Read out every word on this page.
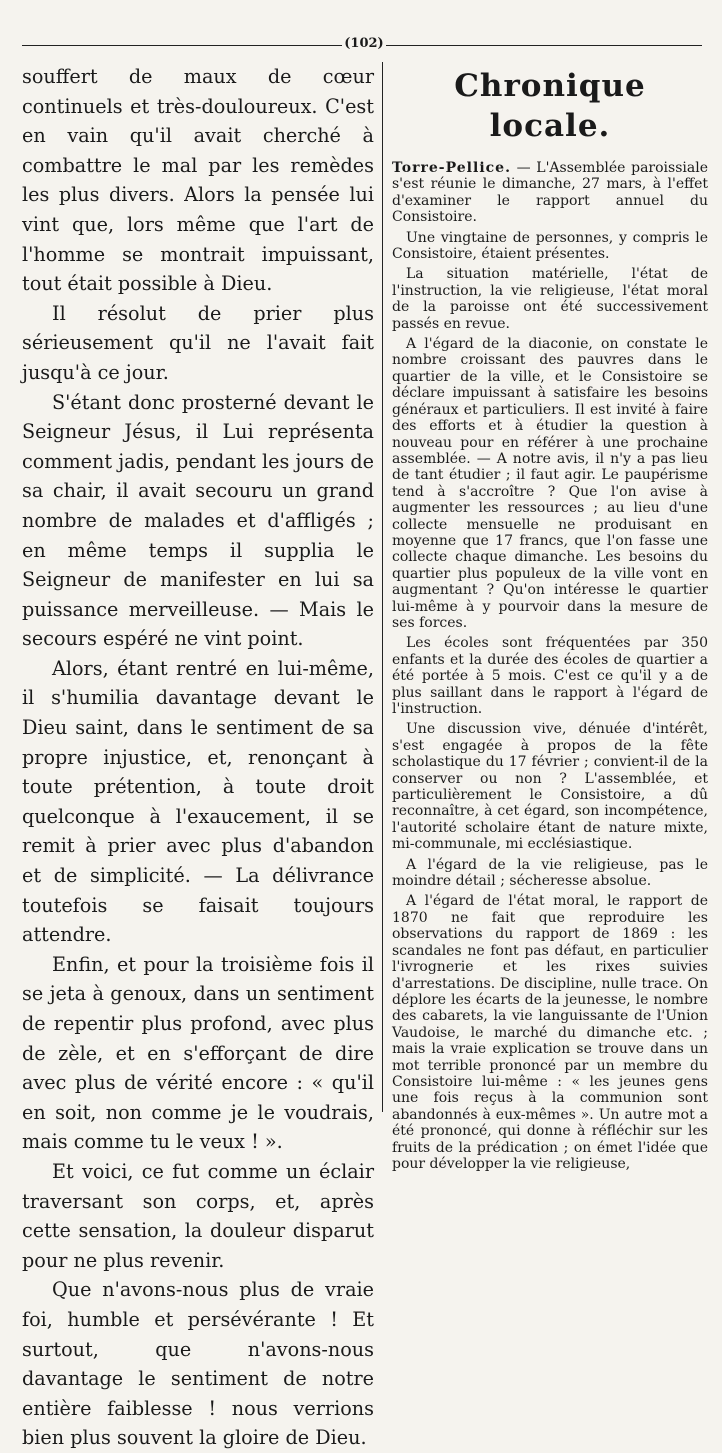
(102)

souffert de maux de cœur continuels et très-douloureux. C'est en vain qu'il avait cherché à combattre le mal par les remèdes les plus divers. Alors la pensée lui vint que, lors même que l'art de l'homme se montrait impuissant, tout était possible à Dieu.

Il résolut de prier plus sérieusement qu'il ne l'avait fait jusqu'à ce jour.

S'étant donc prosterné devant le Seigneur Jésus, il Lui représenta comment jadis, pendant les jours de sa chair, il avait secouru un grand nombre de malades et d'affligés ; en même temps il supplia le Seigneur de manifester en lui sa puissance merveilleuse. — Mais le secours espéré ne vint point.

Alors, étant rentré en lui-même, il s'humilia davantage devant le Dieu saint, dans le sentiment de sa propre injustice, et, renonçant à toute prétention, à toute droit quelconque à l'exaucement, il se remit à prier avec plus d'abandon et de simplicité. — La délivrance toutefois se faisait toujours attendre.

Enfin, et pour la troisième fois il se jeta à genoux, dans un sentiment de repentir plus profond, avec plus de zèle, et en s'efforçant de dire avec plus de vérité encore : « qu'il en soit, non comme je le voudrais, mais comme tu le veux ! ».

Et voici, ce fut comme un éclair traversant son corps, et, après cette sensation, la douleur disparut pour ne plus revenir.

Que n'avons-nous plus de vraie foi, humble et persévérante ! Et surtout, que n'avons-nous davantage le sentiment de notre entière faiblesse ! nous verrions bien plus souvent la gloire de Dieu.

Chronique locale.

Torre-Pellice. — L'Assemblée paroissiale s'est réunie le dimanche, 27 mars, à l'effet d'examiner le rapport annuel du Consistoire.

Une vingtaine de personnes, y compris le Consistoire, étaient présentes.

La situation matérielle, l'état de l'instruction, la vie religieuse, l'état moral de la paroisse ont été successivement passés en revue.

A l'égard de la diaconie, on constate le nombre croissant des pauvres dans le quartier de la ville, et le Consistoire se déclare impuissant à satisfaire les besoins généraux et particuliers. Il est invité à faire des efforts et à étudier la question à nouveau pour en référer à une prochaine assemblée. — A notre avis, il n'y a pas lieu de tant étudier ; il faut agir. Le paupérisme tend à s'accroître ? Que l'on avise à augmenter les ressources ; au lieu d'une collecte mensuelle ne produisant en moyenne que 17 francs, que l'on fasse une collecte chaque dimanche. Les besoins du quartier plus populeux de la ville vont en augmentant ? Qu'on intéresse le quartier lui-même à y pourvoir dans la mesure de ses forces.

Les écoles sont fréquentées par 350 enfants et la durée des écoles de quartier a été portée à 5 mois. C'est ce qu'il y a de plus saillant dans le rapport à l'égard de l'instruction.

Une discussion vive, dénuée d'intérêt, s'est engagée à propos de la fête scholastique du 17 février ; convient-il de la conserver ou non ? L'assemblée, et particulièrement le Consistoire, a dû reconnaître, à cet égard, son incompétence, l'autorité scholaire étant de nature mixte, mi-communale, mi ecclésiastique.

A l'égard de la vie religieuse, pas le moindre détail ; sécheresse absolue.

A l'égard de l'état moral, le rapport de 1870 ne fait que reproduire les observations du rapport de 1869 : les scandales ne font pas défaut, en particulier l'ivrognerie et les rixes suivies d'arrestations. De discipline, nulle trace. On déplore les écarts de la jeunesse, le nombre des cabarets, la vie languissante de l'Union Vaudoise, le marché du dimanche etc. ; mais la vraie explication se trouve dans un mot terrible prononcé par un membre du Consistoire lui-même : « les jeunes gens une fois reçus à la communion sont abandonnés à eux-mêmes ». Un autre mot a été prononcé, qui donne à réfléchir sur les fruits de la prédication ; on émet l'idée que pour développer la vie religieuse,
